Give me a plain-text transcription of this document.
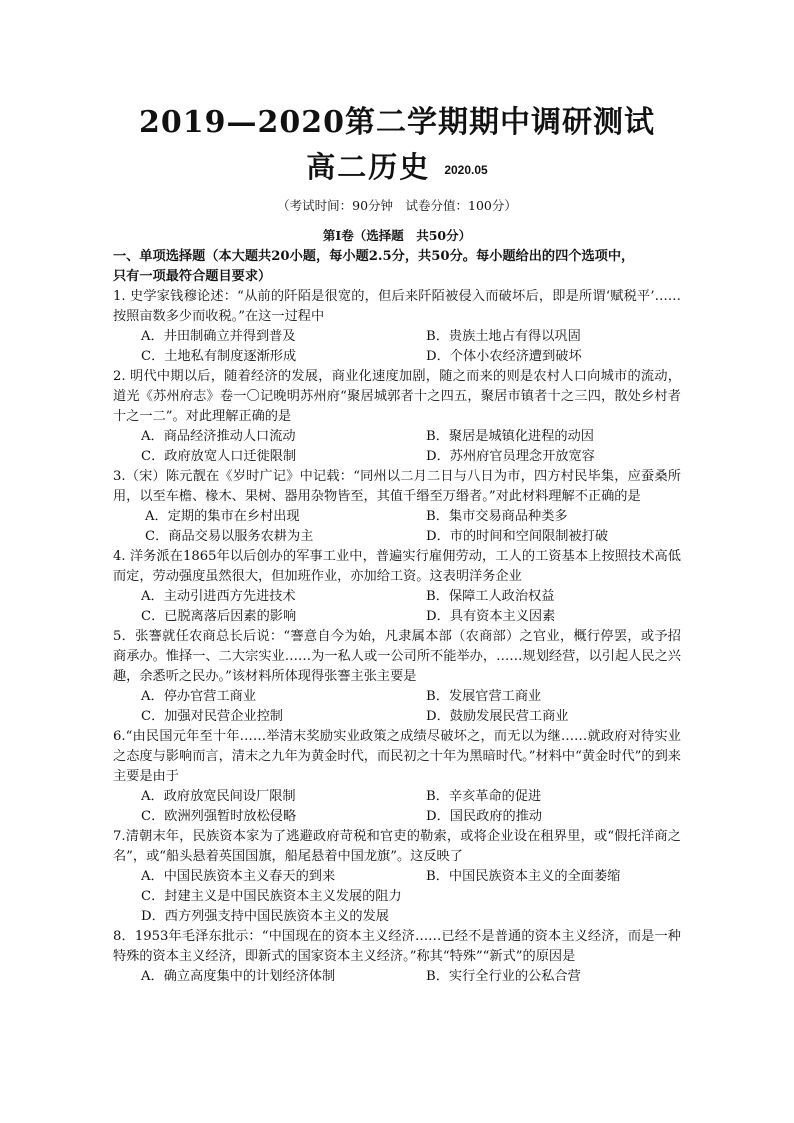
2019—2020第二学期期中调研测试
高二历史 2020.05
（考试时间：90分钟　试卷分值：100分）
第Ⅰ卷（选择题　共50分）
一、单项选择题（本大题共20小题，每小题2.5分，共50分。每小题给出的四个选项中，
只有一项最符合题目要求）
1. 史学家钱穆论述：“从前的阡陌是很宽的，但后来阡陌被侵入而破坏后，即是所谓‘赋税平’……按照亩数多少而收税。”在这一过程中
A．井田制确立并得到普及	B．贵族土地占有得以巩固
C．土地私有制度逐渐形成	D．个体小农经济遭到破坏
2. 明代中期以后，随着经济的发展，商业化速度加剧，随之而来的则是农村人口向城市的流动，道光《苏州府志》卷一〇记晚明苏州府“聚居城郭者十之四五，聚居市镇者十之三四，散处乡村者十之一二”。对此理解正确的是
A．商品经济推动人口流动	B．聚居是城镇化进程的动因
C．政府放宽人口迁徙限制	D．苏州府官员理念开放宽容
3.（宋）陈元靓在《岁时广记》中记载：“同州以二月二日与八日为市，四方村民毕集，应蚕桑所用，以至车檐、椽木、果树、器用杂物皆至，其值千缗至万缗者。”对此材料理解不正确的是
A．定期的集市在乡村出现	B．集市交易商品种类多
C．商品交易以服务农耕为主	D．市的时间和空间限制被打破
4. 洋务派在1865年以后创办的军事工业中，普遍实行雇佣劳动，工人的工资基本上按照技术高低而定，劳动强度虽然很大，但加班作业，亦加给工资。这表明洋务企业
A．主动引进西方先进技术	B．保障工人政治权益
C．已脱离落后因素的影响	D．具有资本主义因素
5．张謇就任农商总长后说：“謇意自今为始，凡隶属本部（农商部）之官业，概行停罢，或予招商承办。惟择一、二大宗实业……为一私人或一公司所不能举办，……规划经营，以引起人民之兴趣，余悉听之民办。”该材料所体现得张謇主张主要是
A．停办官营工商业	B．发展官营工商业
C．加强对民营企业控制	D．鼓励发展民营工商业
6.“由民国元年至十年……举清末奖励实业政策之成绩尽破坏之，而无以为继……就政府对待实业之态度与影响而言，清末之九年为黄金时代，而民初之十年为黑暗时代。”材料中“黄金时代”的到来主要是由于
A．政府放宽民间设厂限制	B．辛亥革命的促进
C．欧洲列强暂时放松侵略	D．国民政府的推动
7.清朝末年，民族资本家为了逃避政府苛税和官吏的勒索，或将企业设在租界里，或“假托洋商之名”，或“船头悬着英国国旗，船尾悬着中国龙旗”。这反映了
A．中国民族资本主义春天的到来	B．中国民族资本主义的全面萎缩
C．封建主义是中国民族资本主义发展的阻力
D．西方列强支持中国民族资本主义的发展
8．1953年毛泽东批示：“中国现在的资本主义经济……已经不是普通的资本主义经济，而是一种特殊的资本主义经济，即新式的国家资本主义经济。”称其“特殊”“新式”的原因是
A．确立高度集中的计划经济体制	B．实行全行业的公私合营
